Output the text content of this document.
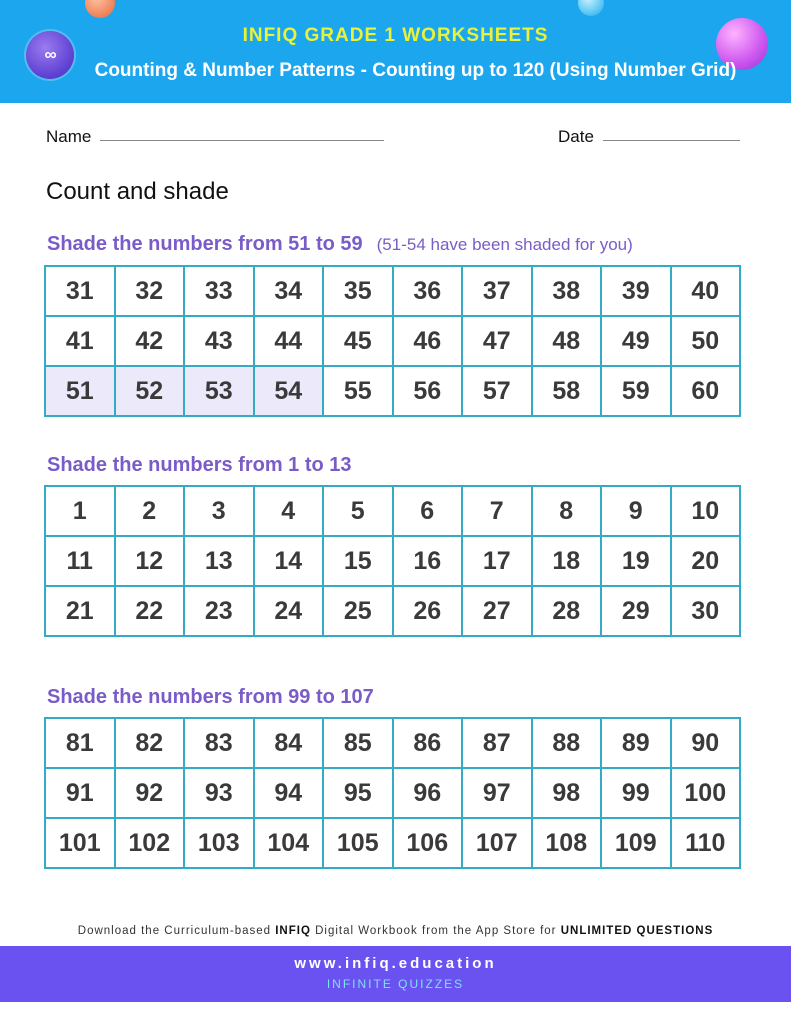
∞
INFIQ GRADE 1 WORKSHEETS
Counting & Number Patterns - Counting up to 120 (Using Number Grid)
Name	Date
Count and shade
Shade the numbers from 51 to 59 (51-54 have been shaded for you)
31	32	33	34	35	36	37	38	39	40
41	42	43	44	45	46	47	48	49	50
51	52	53	54	55	56	57	58	59	60
Shade the numbers from 1 to 13
1	2	3	4	5	6	7	8	9	10
11	12	13	14	15	16	17	18	19	20
21	22	23	24	25	26	27	28	29	30
Shade the numbers from 99 to 107
81	82	83	84	85	86	87	88	89	90
91	92	93	94	95	96	97	98	99	100
101	102	103	104	105	106	107	108	109	110
Download the Curriculum-based INFIQ Digital Workbook from the App Store for UNLIMITED QUESTIONS
www.infiq.education
INFINITE QUIZZES
